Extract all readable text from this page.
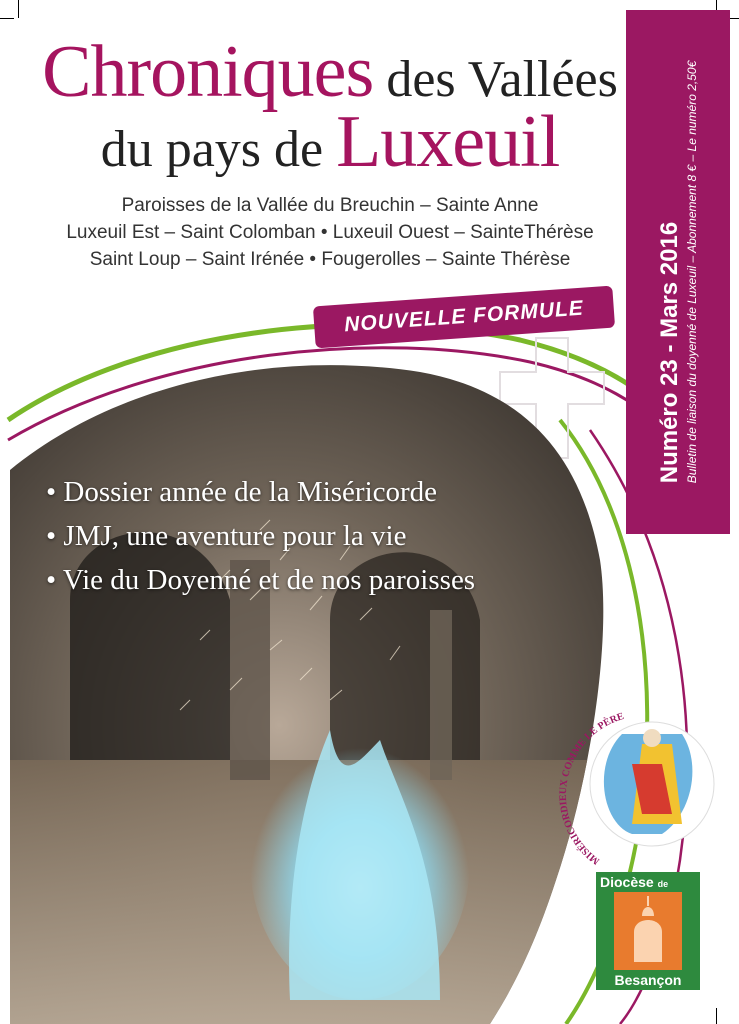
MISÉRICORDIEUX COMME LE PÈRE
Chroniques des Vallées
du pays de Luxeuil
Paroisses de la Vallée du Breuchin – Sainte Anne
Luxeuil Est – Saint Colomban • Luxeuil Ouest – SainteThérèse
Saint Loup – Saint Irénée • Fougerolles – Sainte Thérèse	Numéro 23 - Mars 2016 Bulletin de liaison du doyenné de Luxeuil – Abonnement 8 € – Le numéro 2,50€
NOUVELLE FORMULE
• Dossier année de la Miséricorde
• JMJ, une aventure pour la vie
• Vie du Doyenné et de nos paroisses
Diocèse de
Besançon
